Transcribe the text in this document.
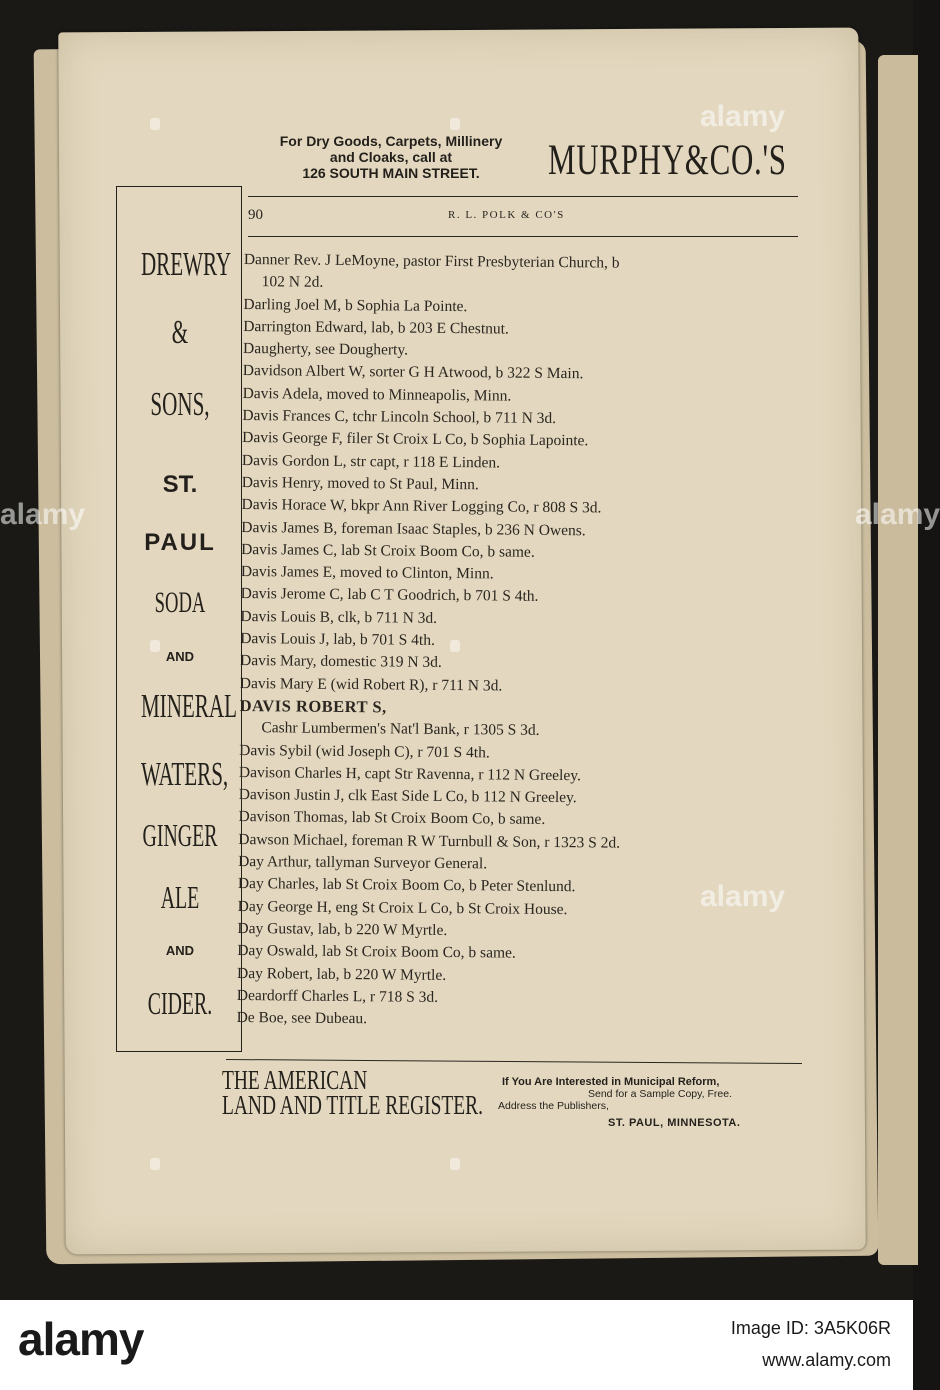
For Dry Goods, Carpets, Millinery
and Cloaks, call at
126 SOUTH MAIN STREET.	MURPHY&CO.'S
90	R. L. POLK & CO'S
DREWRY
&
SONS,
ST.
PAUL
SODA
AND
MINERAL
WATERS,
GINGER
ALE
AND
CIDER.
Danner Rev. J LeMoyne, pastor First Presbyterian Church, b
102 N 2d.
Darling Joel M, b Sophia La Pointe.
Darrington Edward, lab, b 203 E Chestnut.
Daugherty, see Dougherty.
Davidson Albert W, sorter G H Atwood, b 322 S Main.
Davis Adela, moved to Minneapolis, Minn.
Davis Frances C, tchr Lincoln School, b 711 N 3d.
Davis George F, filer St Croix L Co, b Sophia Lapointe.
Davis Gordon L, str capt, r 118 E Linden.
Davis Henry, moved to St Paul, Minn.
Davis Horace W, bkpr Ann River Logging Co, r 808 S 3d.
Davis James B, foreman Isaac Staples, b 236 N Owens.
Davis James C, lab St Croix Boom Co, b same.
Davis James E, moved to Clinton, Minn.
Davis Jerome C, lab C T Goodrich, b 701 S 4th.
Davis Louis B, clk, b 711 N 3d.
Davis Louis J, lab, b 701 S 4th.
Davis Mary, domestic 319 N 3d.
Davis Mary E (wid Robert R), r 711 N 3d.
DAVIS ROBERT S,
Cashr Lumbermen's Nat'l Bank, r 1305 S 3d.
Davis Sybil (wid Joseph C), r 701 S 4th.
Davison Charles H, capt Str Ravenna, r 112 N Greeley.
Davison Justin J, clk East Side L Co, b 112 N Greeley.
Davison Thomas, lab St Croix Boom Co, b same.
Dawson Michael, foreman R W Turnbull & Son, r 1323 S 2d.
Day Arthur, tallyman Surveyor General.
Day Charles, lab St Croix Boom Co, b Peter Stenlund.
Day George H, eng St Croix L Co, b St Croix House.
Day Gustav, lab, b 220 W Myrtle.
Day Oswald, lab St Croix Boom Co, b same.
Day Robert, lab, b 220 W Myrtle.
Deardorff Charles L, r 718 S 3d.
De Boe, see Dubeau.
THE AMERICAN
LAND AND TITLE REGISTER.
If You Are Interested in Municipal Reform,
Send for a Sample Copy, Free.
Address the Publishers,
ST. PAUL, MINNESOTA.
alamy
alamy
alamy	alamy
alamy	Image ID: 3A5K06R
www.alamy.com
